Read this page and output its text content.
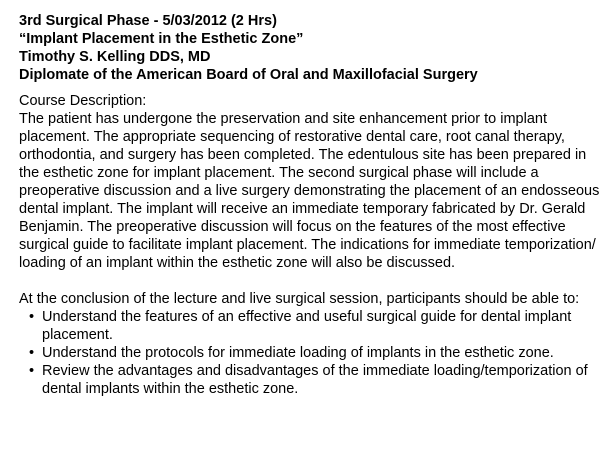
3rd Surgical Phase - 5/03/2012 (2 Hrs)
“Implant Placement in the Esthetic Zone”
Timothy S. Kelling DDS, MD
Diplomate of the American Board of Oral and Maxillofacial Surgery
Course Description:

The patient has undergone the preservation and site enhancement prior to implant
placement. The appropriate sequencing of restorative dental care, root canal therapy,
orthodontia, and surgery has been completed. The edentulous site has been prepared in
the esthetic zone for implant placement. The second surgical phase will include a
preoperative discussion and a live surgery demonstrating the placement of an endosseous
dental implant. The implant will receive an immediate temporary fabricated by Dr. Gerald
Benjamin. The preoperative discussion will focus on the features of the most effective
surgical guide to facilitate implant placement. The indications for immediate temporization/
loading of an implant within the esthetic zone will also be discussed.

At the conclusion of the lecture and live surgical session, participants should be able to:
• Understand the features of an effective and useful surgical guide for dental implant
placement.
• Understand the protocols for immediate loading of implants in the esthetic zone.
• Review the advantages and disadvantages of the immediate loading/temporization of
dental implants within the esthetic zone.
